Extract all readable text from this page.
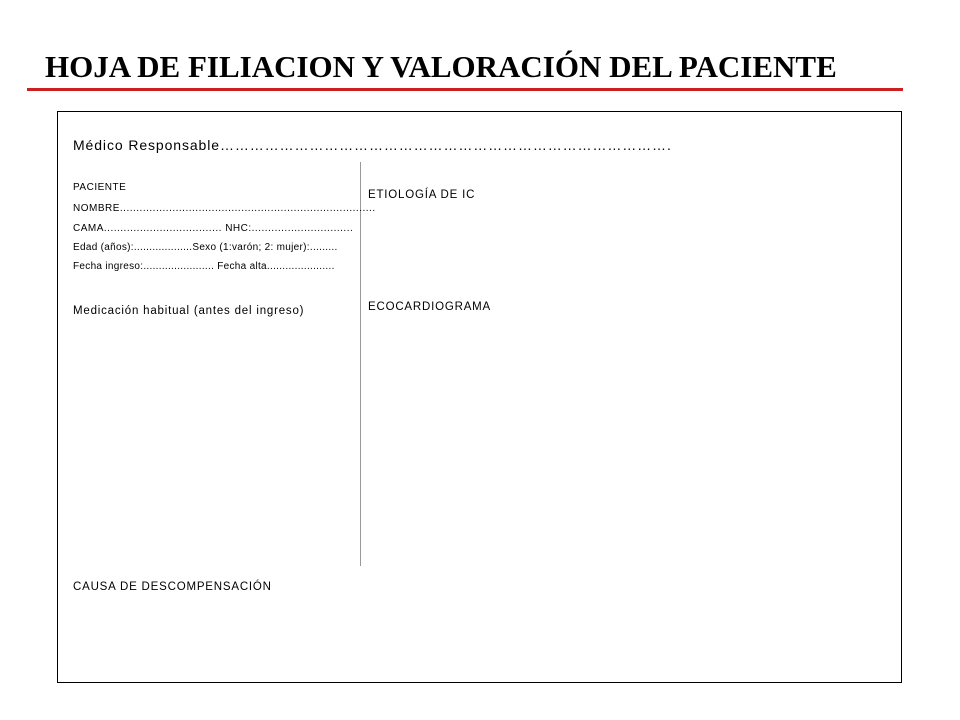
HOJA DE FILIACION Y VALORACIÓN DEL PACIENTE
Médico Responsable……………………………………………………………………………….
PACIENTE
NOMBRE..............................................................................
CAMA.................................... NHC:...............................
Edad (años):...................Sexo (1:varón; 2: mujer):.........
Fecha ingreso:....................... Fecha alta......................
Medicación habitual (antes del ingreso)
ETIOLOGÍA DE IC
ECOCARDIOGRAMA
CAUSA DE DESCOMPENSACIÓN
